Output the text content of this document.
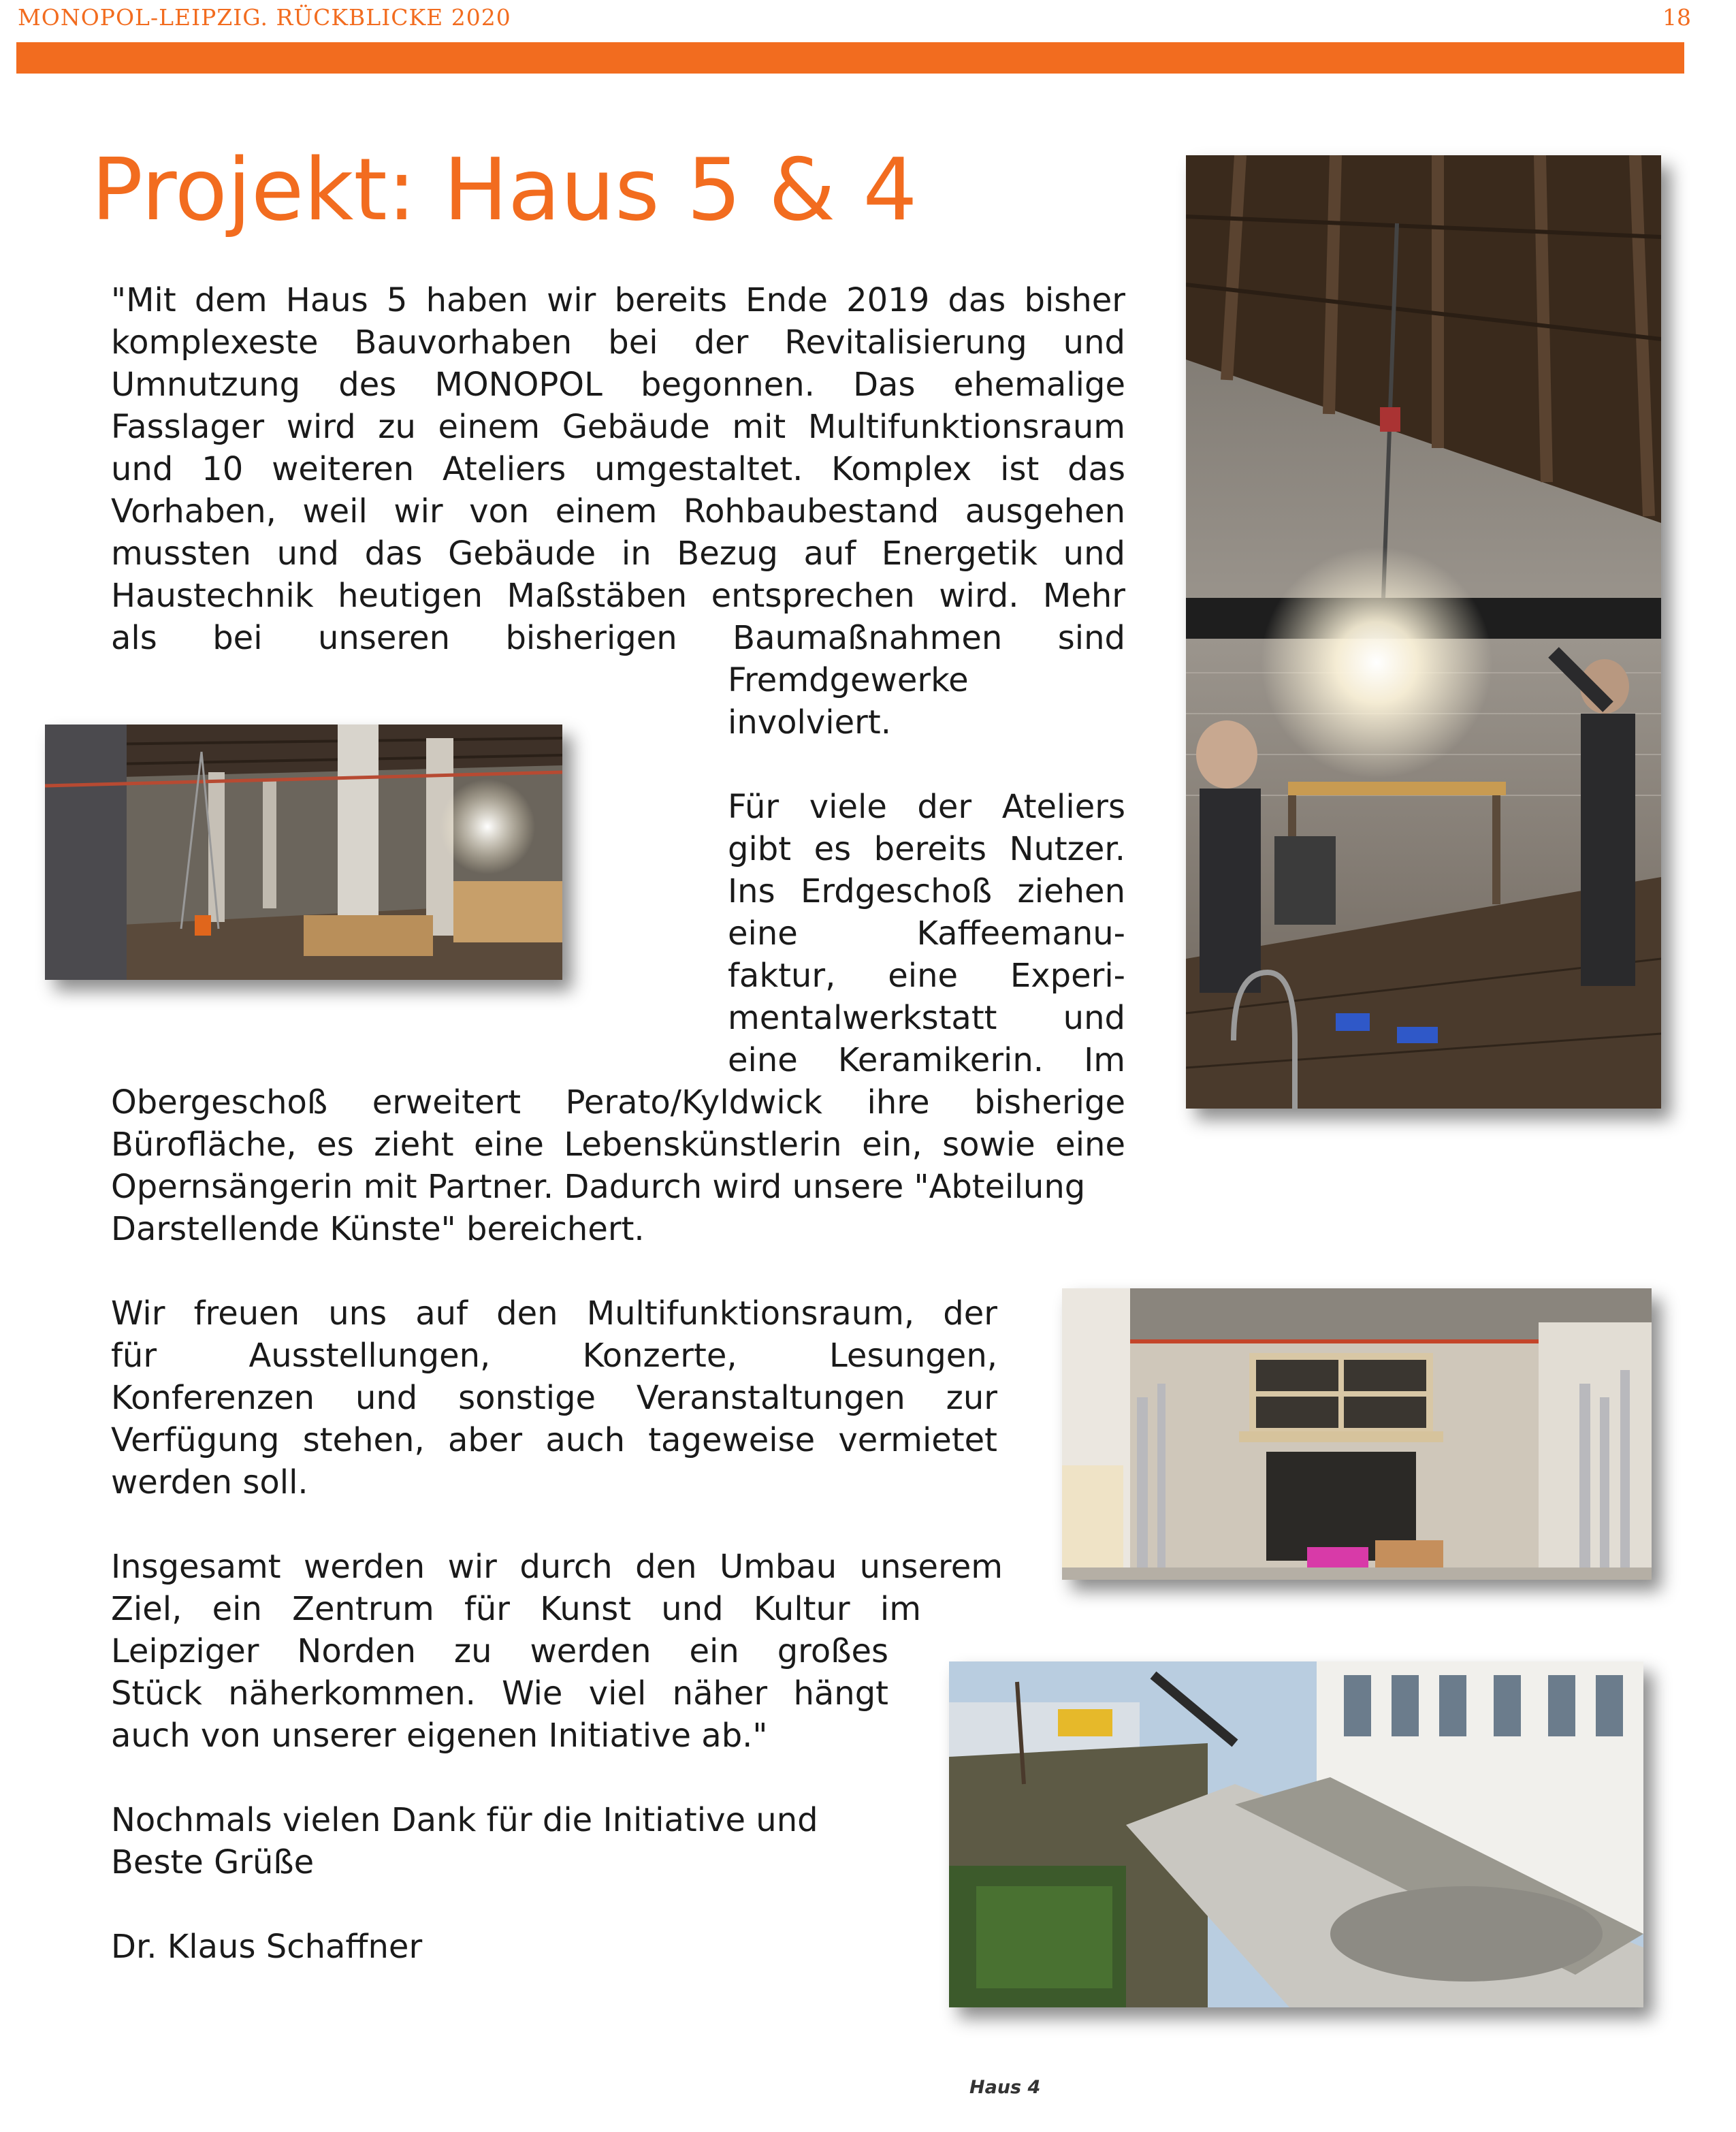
MONOPOL-LEIPZIG. RÜCKBLICKE 2020	18
Projekt: Haus 5 & 4
"Mit dem Haus 5 haben wir bereits Ende 2019 das bisher
komplexeste Bauvorhaben bei der Revitalisierung und
Umnutzung des MONOPOL begonnen. Das ehemalige
Fasslager wird zu einem Gebäude mit Multifunktionsraum
und 10 weiteren Ateliers umgestaltet. Komplex ist das
Vorhaben, weil wir von einem Rohbaubestand ausgehen
mussten und das Gebäude in Bezug auf Energetik und
Haustechnik heutigen Maßstäben entsprechen wird. Mehr
als bei unseren bisherigen Baumaßnahmen sind
Fremdgewerke
involviert.
Für viele der Ateliers
gibt es bereits Nutzer.
Ins Erdgeschoß ziehen
eine Kaffeemanu-
faktur, eine Experi-
mentalwerkstatt und
eine Keramikerin. Im
Obergeschoß erweitert Perato/Kyldwick ihre bisherige
Bürofläche, es zieht eine Lebenskünstlerin ein, sowie eine
Opernsängerin mit Partner. Dadurch wird unsere "Abteilung
Darstellende Künste" bereichert.
Wir freuen uns auf den Multifunktionsraum, der
für Ausstellungen, Konzerte, Lesungen,
Konferenzen und sonstige Veranstaltungen zur
Verfügung stehen, aber auch tageweise vermietet
werden soll.
Insgesamt werden wir durch den Umbau unserem
Ziel, ein Zentrum für Kunst und Kultur im
Leipziger Norden zu werden ein großes
Stück näherkommen. Wie viel näher hängt
auch von unserer eigenen Initiative ab."
Nochmals vielen Dank für die Initiative und
Beste Grüße
Dr. Klaus Schaffner
Haus 4
